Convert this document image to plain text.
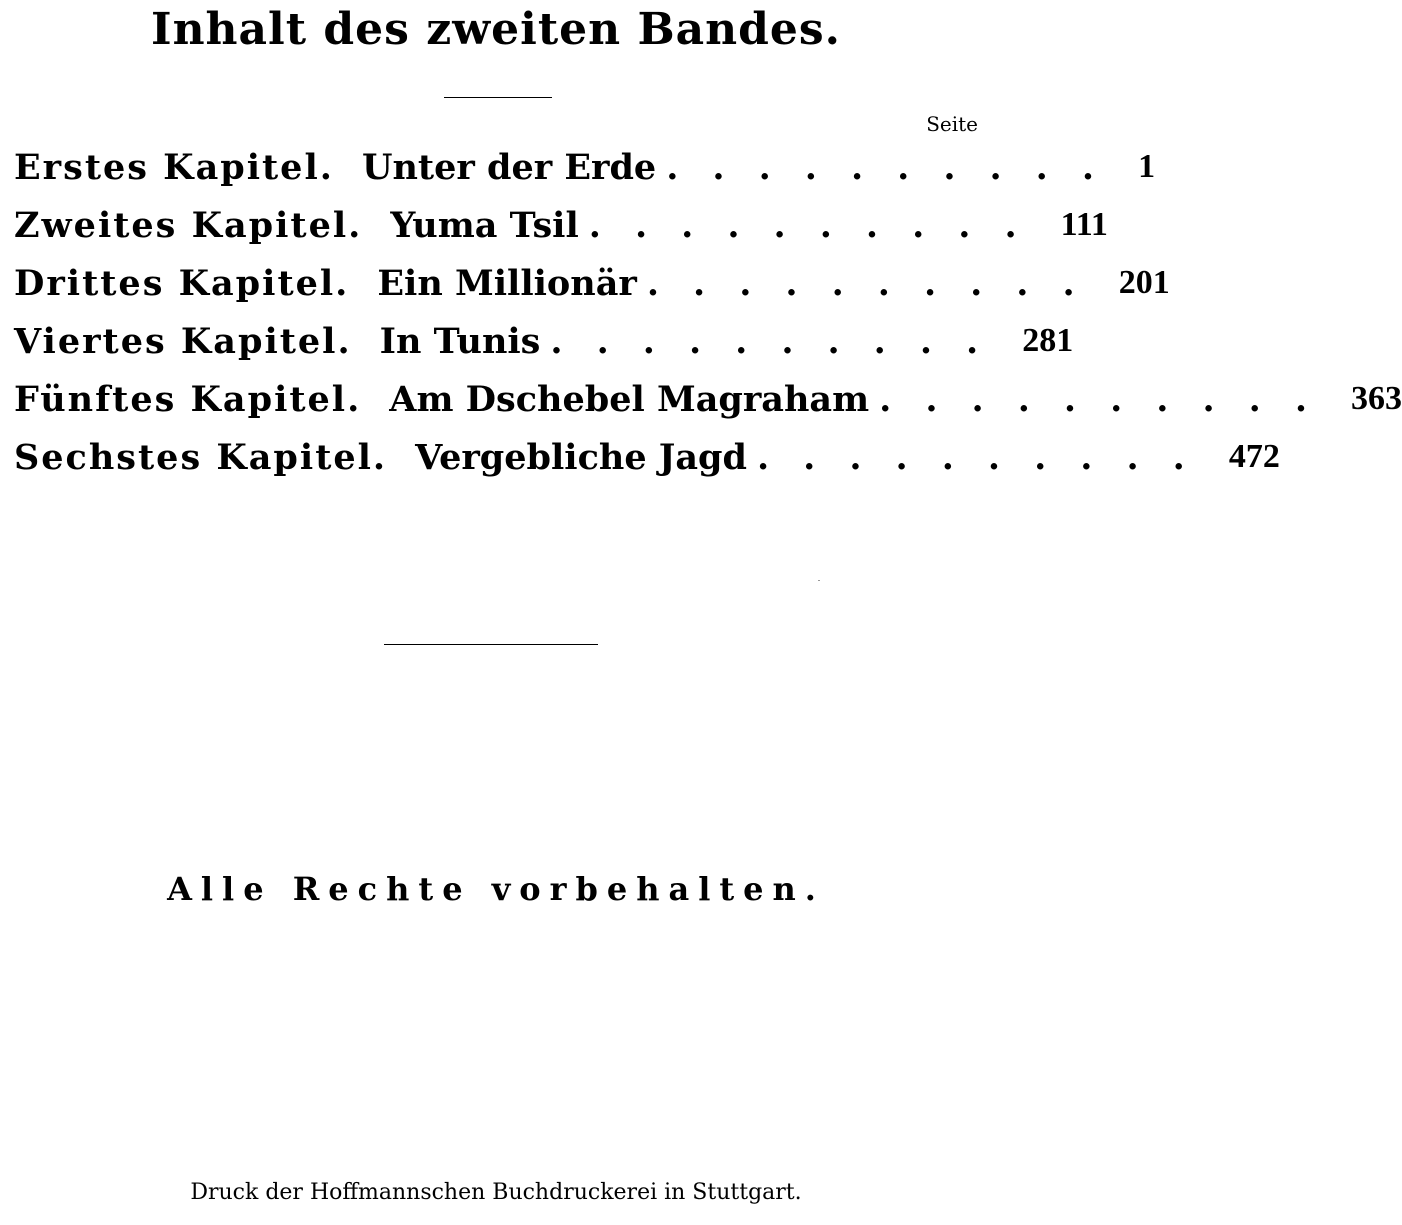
Inhalt des zweiten Bandes.
Seite
Erstes Kapitel. Unter der Erde .......... 1
Zweites Kapitel. Yuma Tsil .......... 111
Drittes Kapitel. Ein Millionär .......... 201
Viertes Kapitel. In Tunis .......... 281
Fünftes Kapitel. Am Dschebel Magraham .......... 363
Sechstes Kapitel. Vergebliche Jagd .......... 472
Alle Rechte vorbehalten.
Druck der Hoffmannschen Buchdruckerei in Stuttgart.
